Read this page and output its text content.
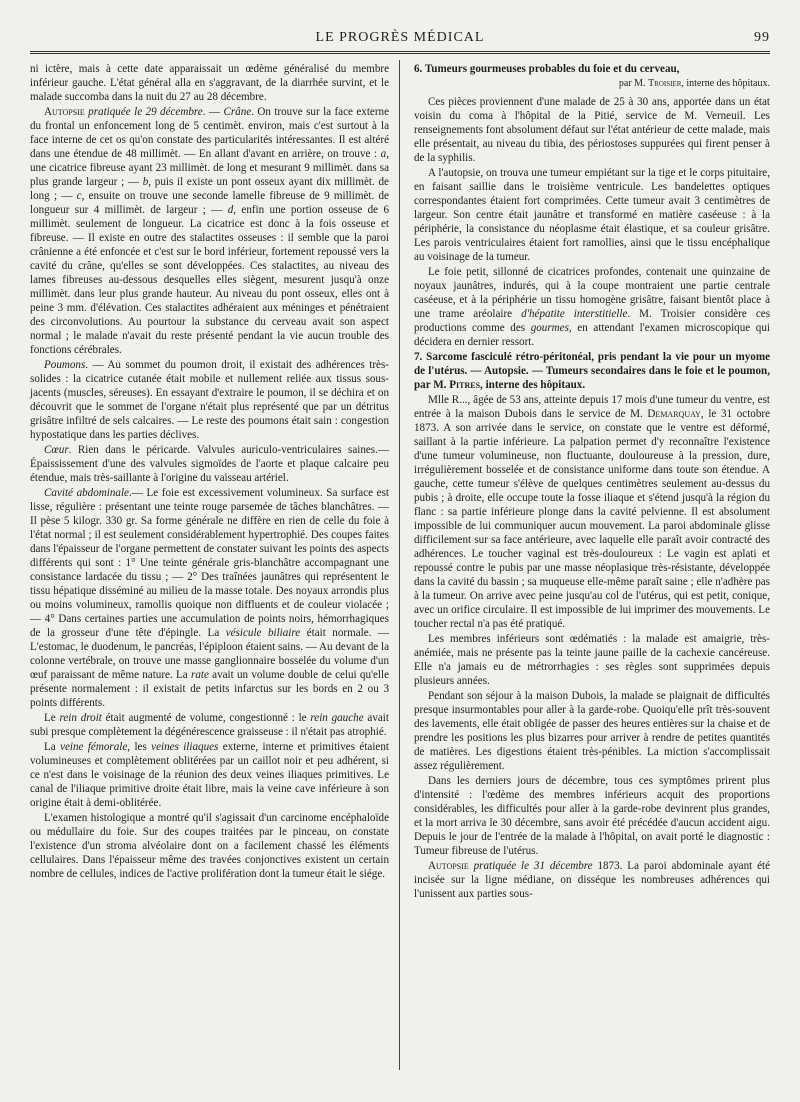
LE PROGRÈS MÉDICAL	99

ni ictère, mais à cette date apparaissait un œdème généralisé du membre inférieur gauche. L'état général alla en s'aggravant, de la diarrhée survint, et le malade succomba dans la nuit du 27 au 28 décembre.

Autopsie pratiquée le 29 décembre. — Crâne. On trouve sur la face externe du frontal un enfoncement long de 5 centimèt. environ, mais c'est surtout à la face interne de cet os qu'on constate des particularités intéressantes. Il est altéré dans une étendue de 48 millimèt. — En allant d'avant en arrière, on trouve : a, une cicatrice fibreuse ayant 23 millimèt. de long et mesurant 9 millimèt. dans sa plus grande largeur ; — b, puis il existe un pont osseux ayant dix millimèt. de long ; — c, ensuite on trouve une seconde lamelle fibreuse de 9 millimèt. de longueur sur 4 millimèt. de largeur ; — d, enfin une portion osseuse de 6 millimèt. seulement de longueur. La cicatrice est donc à la fois osseuse et fibreuse. — Il existe en outre des stalactites osseuses : il semble que la paroi crânienne a été enfoncée et c'est sur le bord inférieur, fortement repoussé vers la cavité du crâne, qu'elles se sont développées. Ces stalactites, au niveau des lames fibreuses au-dessous desquelles elles siègent, mesurent jusqu'à onze millimèt. dans leur plus grande hauteur. Au niveau du pont osseux, elles ont à peine 3 mm. d'élévation. Ces stalactites adhéraient aux méninges et pénétraient des circonvolutions. Au pourtour la substance du cerveau avait son aspect normal ; le malade n'avait du reste présenté pendant la vie aucun trouble des fonctions cérébrales.

Poumons. — Au sommet du poumon droit, il existait des adhérences très-solides : la cicatrice cutanée était mobile et nullement reliée aux tissus sous-jacents (muscles, séreuses). En essayant d'extraire le poumon, il se déchira et on découvrit que le sommet de l'organe n'était plus représenté que par un détritus grisâtre infiltré de sels calcaires. — Le reste des poumons était sain : congestion hypostatique dans les parties déclives.

Cœur. Rien dans le péricarde. Valvules auriculo-ventriculaires saines.— Épaississement d'une des valvules sigmoïdes de l'aorte et plaque calcaire peu étendue, mais très-saillante à l'origine du vaisseau artériel.

Cavité abdominale.— Le foie est excessivement volumineux. Sa surface est lisse, régulière : présentant une teinte rouge parsemée de tâches blanchâtres. — Il pèse 5 kilogr. 330 gr. Sa forme générale ne diffère en rien de celle du foie à l'état normal ; il est seulement considérablement hypertrophié. Des coupes faites dans l'épaisseur de l'organe permettent de constater suivant les points des aspects différents qui sont : 1° Une teinte générale gris-blanchâtre accompagnant une consistance lardacée du tissu ; — 2° Des traînées jaunâtres qui représentent le tissu hépatique disséminé au milieu de la masse totale. Des noyaux arrondis plus ou moins volumineux, ramollis quoique non diffluents et de couleur violacée ; — 4° Dans certaines parties une accumulation de points noirs, hémorrhagiques de la grosseur d'une tête d'épingle. La vésicule biliaire était normale. — L'estomac, le duodenum, le pancréas, l'épiploon étaient sains. — Au devant de la colonne vertébrale, on trouve une masse ganglionnaire bosselée du volume d'un œuf paraissant de même nature. La rate avait un volume double de celui qu'elle présente normalement : il existait de petits infarctus sur les bords en 2 ou 3 points différents.

Le rein droit était augmenté de volume, congestionné : le rein gauche avait subi presque complètement la dégénérescence graisseuse : il n'était pas atrophié.

La veine fémorale, les veines iliaques externe, interne et primitives étaient volumineuses et complètement oblitérées par un caillot noir et peu adhérent, si ce n'est dans le voisinage de la réunion des deux veines iliaques primitives. Le canal de l'iliaque primitive droite était libre, mais la veine cave inférieure à son origine était à demi-oblitérée.

L'examen histologique a montré qu'il s'agissait d'un carcinome encéphaloïde ou médullaire du foie. Sur des coupes traitées par le pinceau, on constate l'existence d'un stroma alvéolaire dont on a facilement chassé les éléments cellulaires. Dans l'épaisseur même des travées conjonctives existent un certain nombre de cellules, indices de l'active prolifération dont la tumeur était le siége.

6. Tumeurs gourmeuses probables du foie et du cerveau,

par M. Troisier, interne des hôpitaux.

Ces pièces proviennent d'une malade de 25 à 30 ans, apportée dans un état voisin du coma à l'hôpital de la Pitié, service de M. Verneuil. Les renseignements font absolument défaut sur l'état antérieur de cette malade, mais elle présentait, au niveau du tibia, des périostoses suppurées qui firent penser à de la syphilis.

A l'autopsie, on trouva une tumeur empiétant sur la tige et le corps pituitaire, en faisant saillie dans le troisième ventricule. Les bandelettes optiques correspondantes étaient fort comprimées. Cette tumeur avait 3 centimètres de largeur. Son centre était jaunâtre et transformé en matière caséeuse : à la périphérie, la consistance du néoplasme était élastique, et sa couleur grisâtre. Les parois ventriculaires étaient fort ramollies, ainsi que le tissu encéphalique au voisinage de la tumeur.

Le foie petit, sillonné de cicatrices profondes, contenait une quinzaine de noyaux jaunâtres, indurés, qui à la coupe montraient une partie centrale caséeuse, et à la périphérie un tissu homogène grisâtre, faisant bientôt place à une trame aréolaire d'hépatite interstitielle. M. Troisier considère ces productions comme des gourmes, en attendant l'examen microscopique qui décidera en dernier ressort.

7. Sarcome fasciculé rétro-péritonéal, pris pendant la vie pour un myome de l'utérus. — Autopsie. — Tumeurs secondaires dans le foie et le poumon, par M. Pitres, interne des hôpitaux.

Mlle R..., âgée de 53 ans, atteinte depuis 17 mois d'une tumeur du ventre, est entrée à la maison Dubois dans le service de M. Demarquay, le 31 octobre 1873. A son arrivée dans le service, on constate que le ventre est déformé, saillant à la partie inférieure. La palpation permet d'y reconnaître l'existence d'une tumeur volumineuse, non fluctuante, douloureuse à la pression, dure, irrégulièrement bosselée et de consistance uniforme dans toute son étendue. A gauche, cette tumeur s'élève de quelques centimètres seulement au-dessus du pubis ; à droite, elle occupe toute la fosse iliaque et s'étend jusqu'à la région du flanc : sa partie inférieure plonge dans la cavité pelvienne. Il est absolument impossible de lui communiquer aucun mouvement. La paroi abdominale glisse difficilement sur sa face antérieure, avec laquelle elle paraît avoir contracté des adhérences. Le toucher vaginal est très-douloureux : Le vagin est aplati et repoussé contre le pubis par une masse néoplasique très-résistante, développée dans la cavité du bassin ; sa muqueuse elle-même paraît saine ; elle n'adhère pas à la tumeur. On arrive avec peine jusqu'au col de l'utérus, qui est petit, conique, avec un orifice circulaire. Il est impossible de lui imprimer des mouvements. Le toucher rectal n'a pas été pratiqué.

Les membres inférieurs sont œdématiés : la malade est amaigrie, très-anémiée, mais ne présente pas la teinte jaune paille de la cachexie cancéreuse. Elle n'a jamais eu de métrorrhagies : ses règles sont supprimées depuis plusieurs années.

Pendant son séjour à la maison Dubois, la malade se plaignait de difficultés presque insurmontables pour aller à la garde-robe. Quoiqu'elle prît très-souvent des lavements, elle était obligée de passer des heures entières sur la chaise et de prendre les positions les plus bizarres pour arriver à rendre de petites quantités de matières. Les digestions étaient très-pénibles. La miction s'accomplissait assez régulièrement.

Dans les derniers jours de décembre, tous ces symptômes prirent plus d'intensité : l'œdème des membres inférieurs acquit des proportions considérables, les difficultés pour aller à la garde-robe devinrent plus grandes, et la mort arriva le 30 décembre, sans avoir été précédée d'aucun accident aigu. Depuis le jour de l'entrée de la malade à l'hôpital, on avait porté le diagnostic : Tumeur fibreuse de l'utérus.

Autopsie pratiquée le 31 décembre 1873. La paroi abdominale ayant été incisée sur la ligne médiane, on disséque les nombreuses adhérences qui l'unissent aux parties sous-
